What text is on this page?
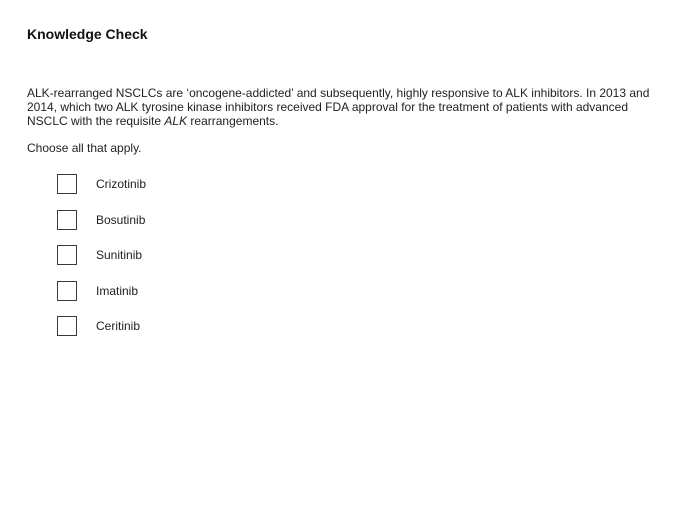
Knowledge Check

ALK-rearranged NSCLCs are ‘oncogene-addicted’ and subsequently, highly responsive to ALK inhibitors. In 2013 and 2014, which two ALK tyrosine kinase inhibitors received FDA approval for the treatment of patients with advanced NSCLC with the requisite ALK rearrangements.

Choose all that apply.

Crizotinib
Bosutinib
Sunitinib
Imatinib
Ceritinib
